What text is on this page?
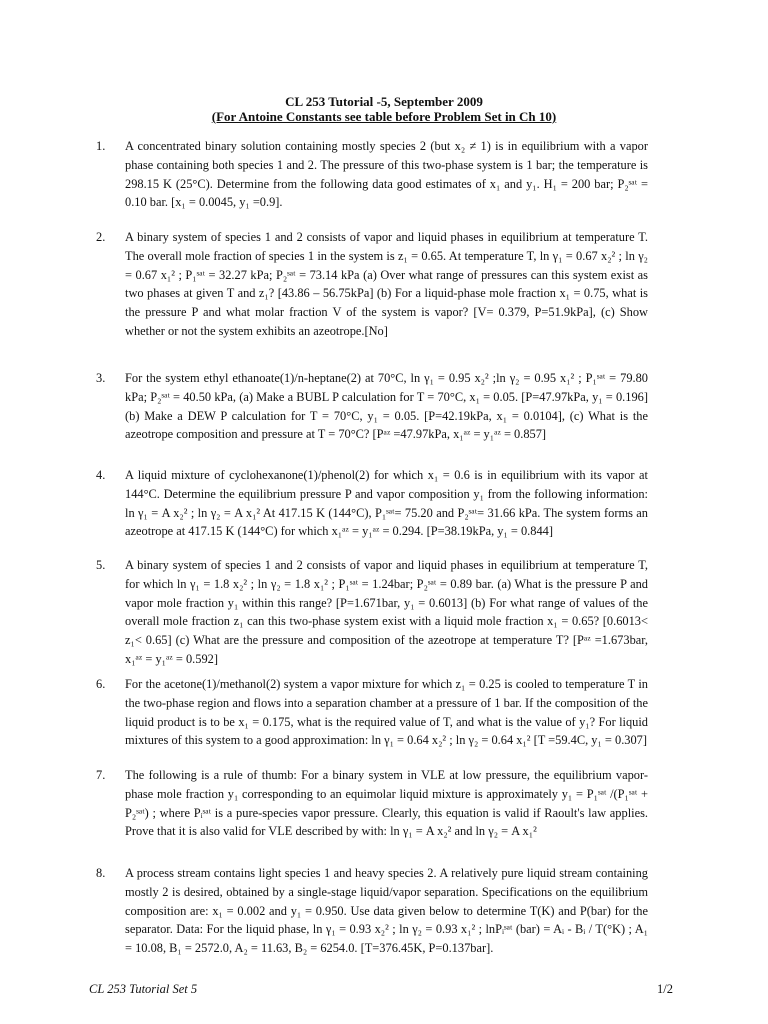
CL 253 Tutorial -5, September 2009
(For Antoine Constants see table before Problem Set in Ch 10)
1. A concentrated binary solution containing mostly species 2 (but x₂ ≠ 1) is in equilibrium with a vapor phase containing both species 1 and 2. The pressure of this two-phase system is 1 bar; the temperature is 298.15 K (25°C). Determine from the following data good estimates of x₁ and y₁. H₁ = 200 bar; P₂ˢᵃᵗ = 0.10 bar. [x₁ = 0.0045, y₁ =0.9].

2. A binary system of species 1 and 2 consists of vapor and liquid phases in equilibrium at temperature T. The overall mole fraction of species 1 in the system is z₁ = 0.65. At temperature T, ln γ₁ = 0.67 x₂² ; ln γ₂ = 0.67 x₁² ; P₁ˢᵃᵗ = 32.27 kPa; P₂ˢᵃᵗ = 73.14 kPa (a) Over what range of pressures can this system exist as two phases at given T and z₁? [43.86 – 56.75kPa] (b) For a liquid-phase mole fraction x₁ = 0.75, what is the pressure P and what molar fraction V of the system is vapor? [V= 0.379, P=51.9kPa], (c) Show whether or not the system exhibits an azeotrope.[No]

3. For the system ethyl ethanoate(1)/n-heptane(2) at 70°C, ln γ₁ = 0.95 x₂² ;ln γ₂ = 0.95 x₁² ; P₁ˢᵃᵗ = 79.80 kPa; P₂ˢᵃᵗ = 40.50 kPa, (a) Make a BUBL P calculation for T = 70°C, x₁ = 0.05. [P=47.97kPa, y₁ = 0.196] (b) Make a DEW P calculation for T = 70°C, y₁ = 0.05. [P=42.19kPa, x₁ = 0.0104], (c) What is the azeotrope composition and pressure at T = 70°C? [Pᵃᶻ =47.97kPa, x₁ᵃᶻ = y₁ᵃᶻ = 0.857]

4. A liquid mixture of cyclohexanone(1)/phenol(2) for which x₁ = 0.6 is in equilibrium with its vapor at 144°C. Determine the equilibrium pressure P and vapor composition y₁ from the following information: ln γ₁ = A x₂² ; ln γ₂ = A x₁² At 417.15 K (144°C), P₁ˢᵃᵗ= 75.20 and P₂ˢᵃᵗ= 31.66 kPa. The system forms an azeotrope at 417.15 K (144°C) for which x₁ᵃᶻ = y₁ᵃᶻ = 0.294. [P=38.19kPa, y₁ = 0.844]

5. A binary system of species 1 and 2 consists of vapor and liquid phases in equilibrium at temperature T, for which ln γ₁ = 1.8 x₂² ; ln γ₂ = 1.8 x₁² ; P₁ˢᵃᵗ = 1.24bar; P₂ˢᵃᵗ = 0.89 bar. (a) What is the pressure P and vapor mole fraction y₁ within this range? [P=1.671bar, y₁ = 0.6013] (b) For what range of values of the overall mole fraction z₁ can this two-phase system exist with a liquid mole fraction x₁ = 0.65? [0.6013< z₁< 0.65] (c) What are the pressure and composition of the azeotrope at temperature T? [Pᵃᶻ =1.673bar, x₁ᵃᶻ = y₁ᵃᶻ = 0.592]

6. For the acetone(1)/methanol(2) system a vapor mixture for which z₁ = 0.25 is cooled to temperature T in the two-phase region and flows into a separation chamber at a pressure of 1 bar. If the composition of the liquid product is to be x₁ = 0.175, what is the required value of T, and what is the value of y₁? For liquid mixtures of this system to a good approximation: ln γ₁ = 0.64 x₂² ; ln γ₂ = 0.64 x₁² [T =59.4C, y₁ = 0.307]

7. The following is a rule of thumb: For a binary system in VLE at low pressure, the equilibrium vapor-phase mole fraction y₁ corresponding to an equimolar liquid mixture is approximately y₁ = P₁ˢᵃᵗ /(P₁ˢᵃᵗ + P₂ˢᵃᵗ) ; where Pᵢˢᵃᵗ is a pure-species vapor pressure. Clearly, this equation is valid if Raoult's law applies. Prove that it is also valid for VLE described by with: ln γ₁ = A x₂² and ln γ₂ = A x₁²

8. A process stream contains light species 1 and heavy species 2. A relatively pure liquid stream containing mostly 2 is desired, obtained by a single-stage liquid/vapor separation. Specifications on the equilibrium composition are: x₁ = 0.002 and y₁ = 0.950. Use data given below to determine T(K) and P(bar) for the separator. Data: For the liquid phase, ln γ₁ = 0.93 x₂² ; ln γ₂ = 0.93 x₁² ; lnPᵢˢᵃᵗ (bar) = Aᵢ - Bᵢ / T(°K) ; A₁ = 10.08, B₁ = 2572.0, A₂ = 11.63, B₂ = 6254.0. [T=376.45K, P=0.137bar].

CL 253 Tutorial Set 5	1/2
